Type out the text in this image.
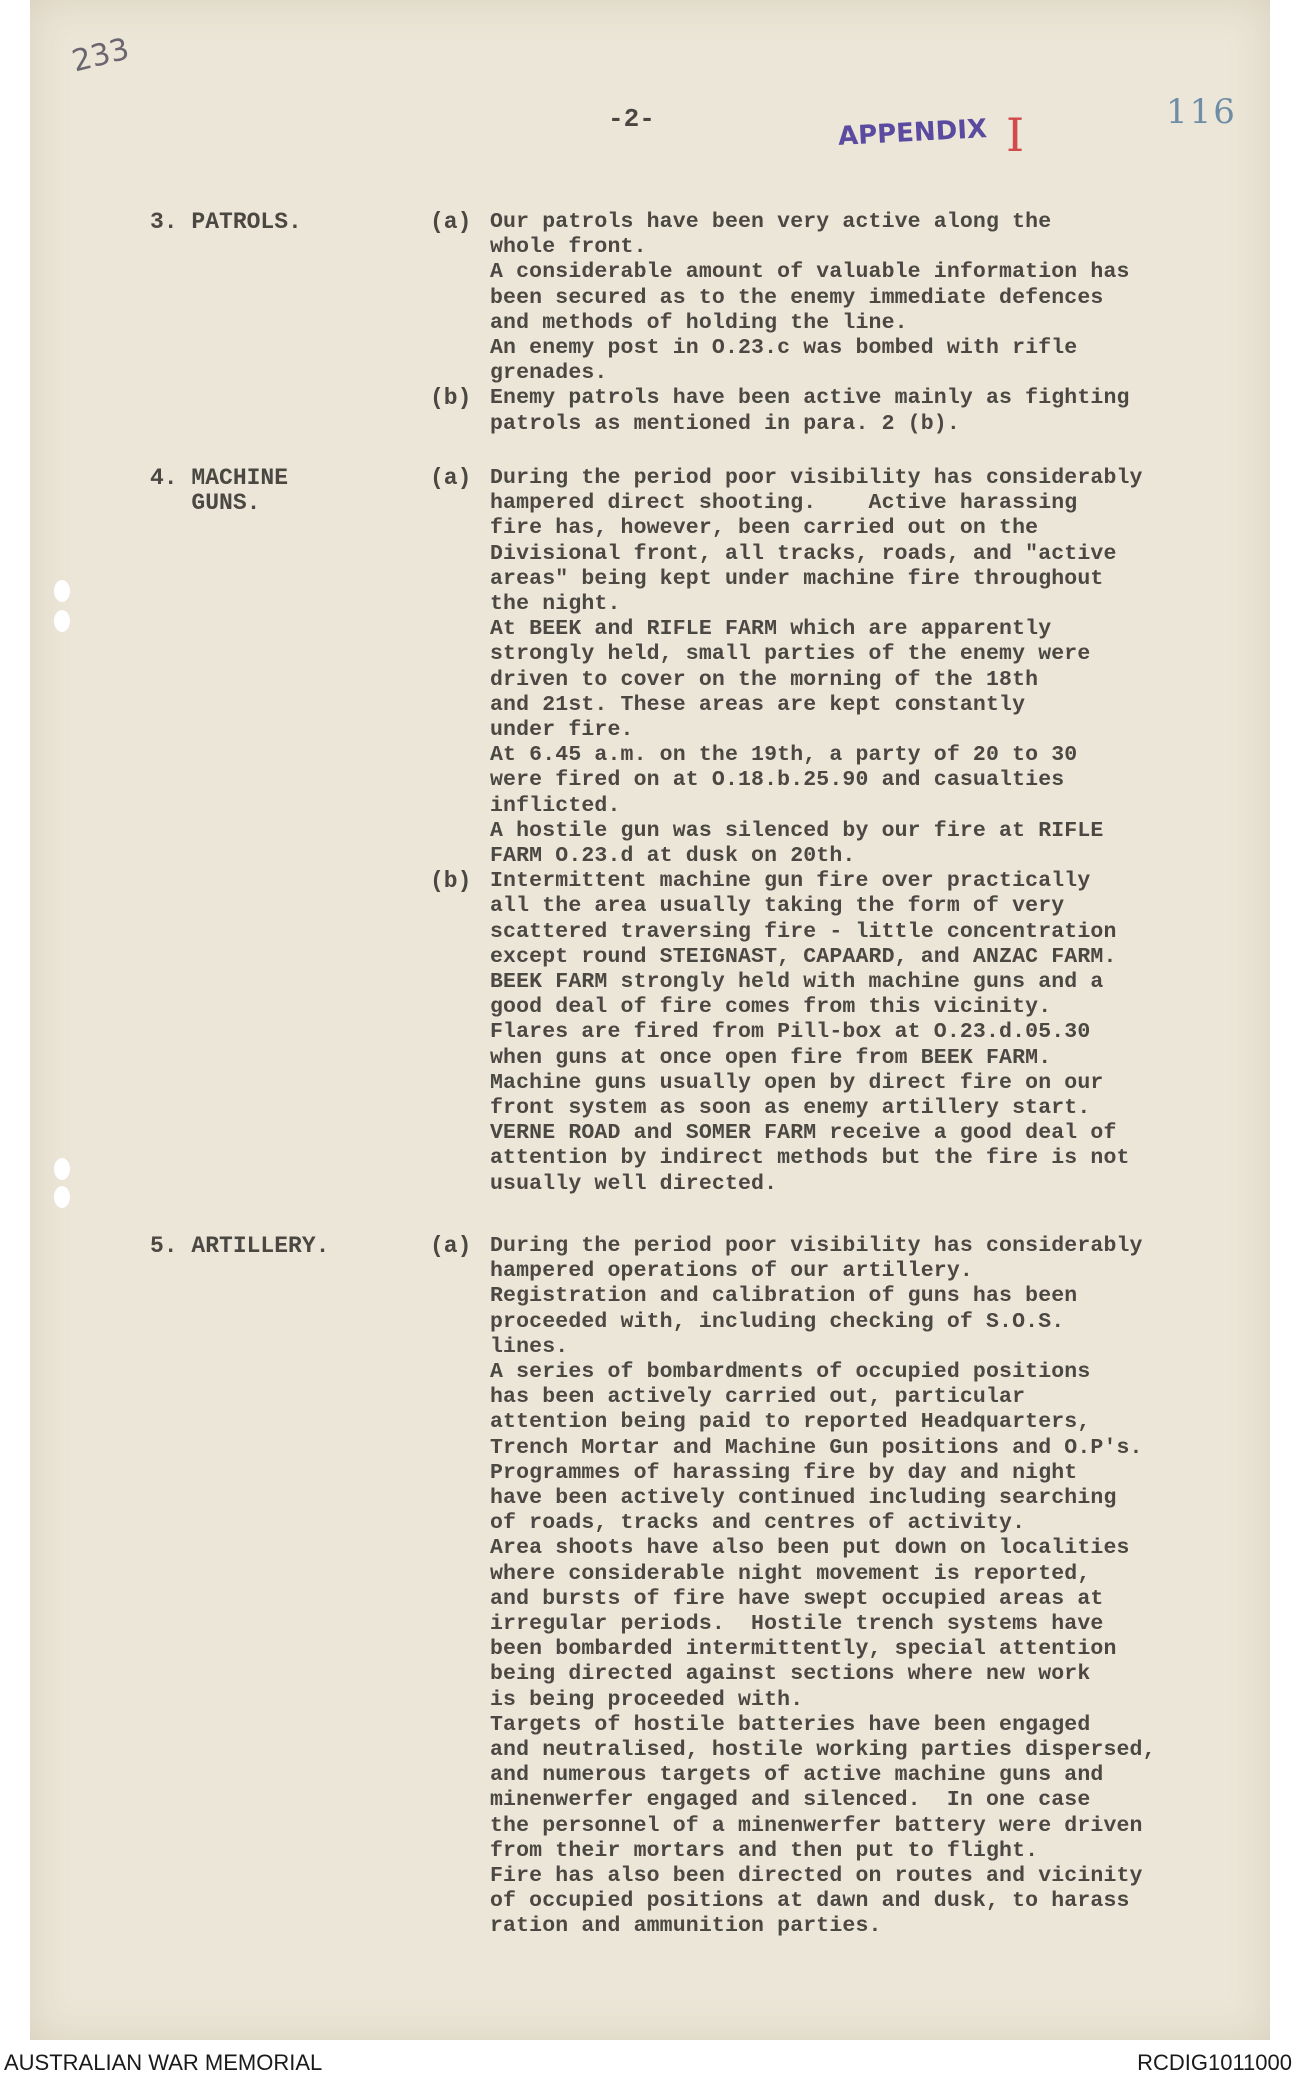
233
-2-	APPENDIX I	116
3. PATROLS.	(a) Our patrols have been very active along the
whole front.
A considerable amount of valuable information has
been secured as to the enemy immediate defences
and methods of holding the line.
An enemy post in O.23.c was bombed with rifle
grenades.
(b) Enemy patrols have been active mainly as fighting
patrols as mentioned in para. 2 (b).
4. MACHINE
GUNS.
(a) During the period poor visibility has considerably
hampered direct shooting.    Active harassing
fire has, however, been carried out on the
Divisional front, all tracks, roads, and "active
areas" being kept under machine fire throughout
the night.
At BEEK and RIFLE FARM which are apparently
strongly held, small parties of the enemy were
driven to cover on the morning of the 18th
and 21st. These areas are kept constantly
under fire.
At 6.45 a.m. on the 19th, a party of 20 to 30
were fired on at O.18.b.25.90 and casualties
inflicted.
A hostile gun was silenced by our fire at RIFLE
FARM O.23.d at dusk on 20th.
(b) Intermittent machine gun fire over practically
all the area usually taking the form of very
scattered traversing fire - little concentration
except round STEIGNAST, CAPAARD, and ANZAC FARM.
BEEK FARM strongly held with machine guns and a
good deal of fire comes from this vicinity.
Flares are fired from Pill-box at O.23.d.05.30
when guns at once open fire from BEEK FARM.
Machine guns usually open by direct fire on our
front system as soon as enemy artillery start.
VERNE ROAD and SOMER FARM receive a good deal of
attention by indirect methods but the fire is not
usually well directed.
5. ARTILLERY.	(a) During the period poor visibility has considerably
hampered operations of our artillery.
Registration and calibration of guns has been
proceeded with, including checking of S.O.S.
lines.
A series of bombardments of occupied positions
has been actively carried out, particular
attention being paid to reported Headquarters,
Trench Mortar and Machine Gun positions and O.P's.
Programmes of harassing fire by day and night
have been actively continued including searching
of roads, tracks and centres of activity.
Area shoots have also been put down on localities
where considerable night movement is reported,
and bursts of fire have swept occupied areas at
irregular periods.  Hostile trench systems have
been bombarded intermittently, special attention
being directed against sections where new work
is being proceeded with.
Targets of hostile batteries have been engaged
and neutralised, hostile working parties dispersed,
and numerous targets of active machine guns and
minenwerfer engaged and silenced.  In one case
the personnel of a minenwerfer battery were driven
from their mortars and then put to flight.
Fire has also been directed on routes and vicinity
of occupied positions at dawn and dusk, to harass
ration and ammunition parties.
AUSTRALIAN WAR MEMORIAL	RCDIG1011000
